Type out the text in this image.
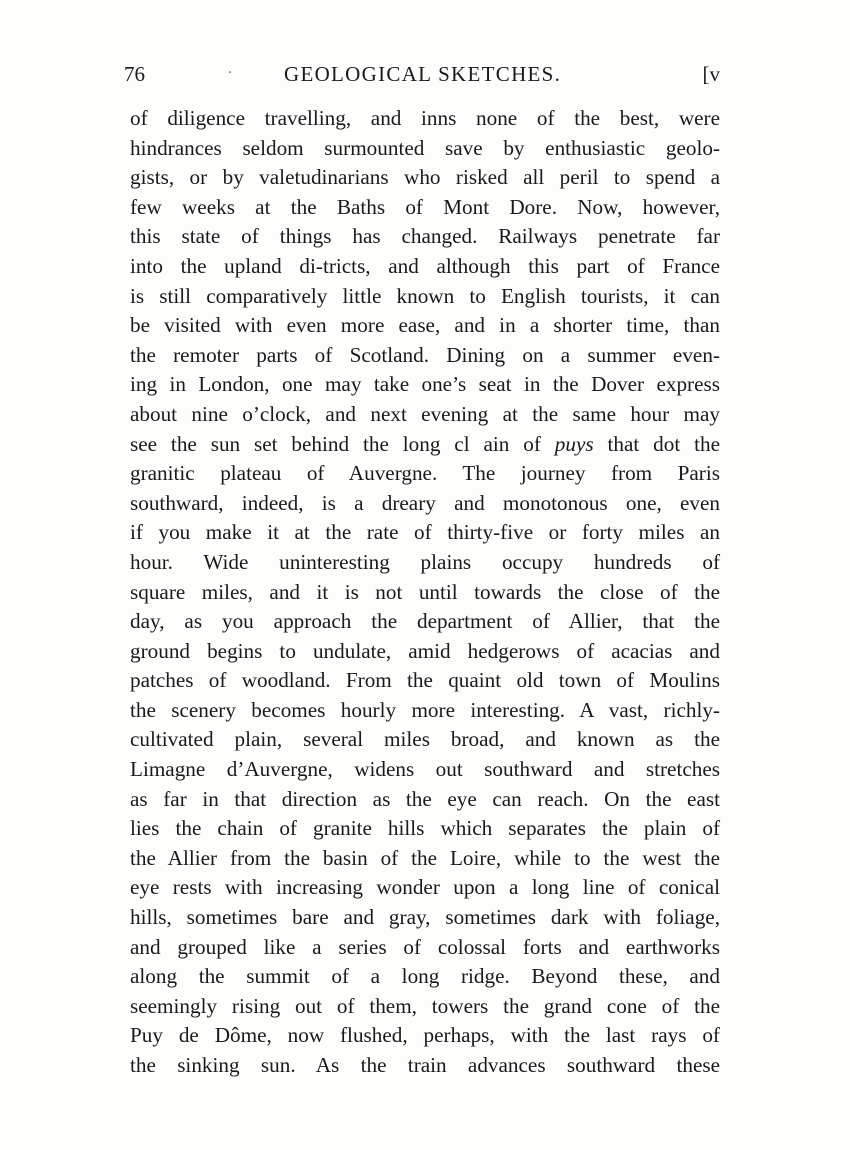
76	. GEOLOGICAL SKETCHES.	[v
of diligence travelling, and inns none of the best, were
hindrances seldom surmounted save by enthusiastic geolo-
gists, or by valetudinarians who risked all peril to spend a
few weeks at the Baths of Mont Dore. Now, however,
this state of things has changed. Railways penetrate far
into the upland di-tricts, and although this part of France
is still comparatively little known to English tourists, it can
be visited with even more ease, and in a shorter time, than
the remoter parts of Scotland. Dining on a summer even-
ing in London, one may take one’s seat in the Dover express
about nine o’clock, and next evening at the same hour may
see the sun set behind the long cl ain of puys that dot the
granitic plateau of Auvergne. The journey from Paris
southward, indeed, is a dreary and monotonous one, even
if you make it at the rate of thirty-five or forty miles an
hour. Wide uninteresting plains occupy hundreds of
square miles, and it is not until towards the close of the
day, as you approach the department of Allier, that the
ground begins to undulate, amid hedgerows of acacias and
patches of woodland. From the quaint old town of Moulins
the scenery becomes hourly more interesting. A vast, richly-
cultivated plain, several miles broad, and known as the
Limagne d’Auvergne, widens out southward and stretches
as far in that direction as the eye can reach. On the east
lies the chain of granite hills which separates the plain of
the Allier from the basin of the Loire, while to the west the
eye rests with increasing wonder upon a long line of conical
hills, sometimes bare and gray, sometimes dark with foliage,
and grouped like a series of colossal forts and earthworks
along the summit of a long ridge. Beyond these, and
seemingly rising out of them, towers the grand cone of the
Puy de Dôme, now flushed, perhaps, with the last rays of
the sinking sun. As the train advances southward these
